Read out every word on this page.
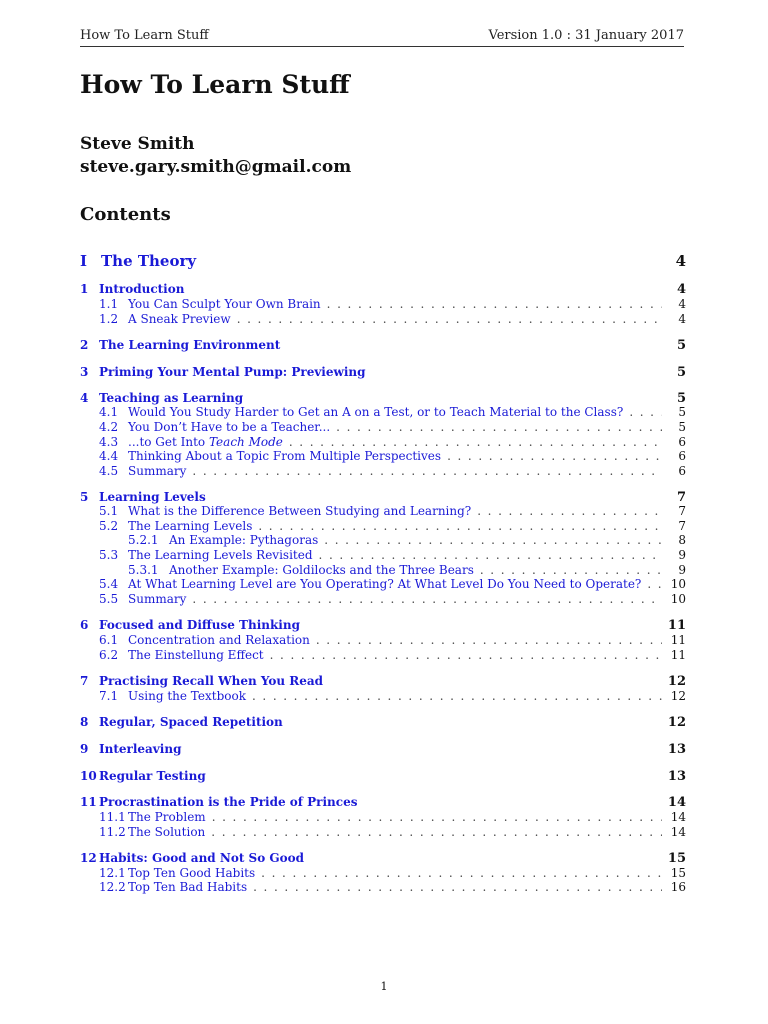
How To Learn Stuff	Version 1.0 : 31 January 2017
How To Learn Stuff
Steve Smith
steve.gary.smith@gmail.com
Contents
I The Theory	4
1 Introduction	4
1.1 You Can Sculpt Your Own Brain . . .	4
1.2 A Sneak Preview . . .	4
2 The Learning Environment	5
3 Priming Your Mental Pump: Previewing	5
4 Teaching as Learning	5
4.1 Would You Study Harder to Get an A on a Test, or to Teach Material to the Class? . . .	5
4.2 You Don’t Have to be a Teacher... . . .	5
4.3 ...to Get Into Teach Mode . . .	6
4.4 Thinking About a Topic From Multiple Perspectives . . .	6
4.5 Summary . . .	6
5 Learning Levels	7
5.1 What is the Difference Between Studying and Learning? . . .	7
5.2 The Learning Levels . . .	7
5.2.1 An Example: Pythagoras . . .	8
5.3 The Learning Levels Revisited . . .	9
5.3.1 Another Example: Goldilocks and the Three Bears . . .	9
5.4 At What Learning Level are You Operating? At What Level Do You Need to Operate? . . .	10
5.5 Summary . . .	10
6 Focused and Diffuse Thinking	11
6.1 Concentration and Relaxation . . .	11
6.2 The Einstellung Effect . . .	11
7 Practising Recall When You Read	12
7.1 Using the Textbook . . .	12
8 Regular, Spaced Repetition	12
9 Interleaving	13
10 Regular Testing	13
11 Procrastination is the Pride of Princes	14
11.1 The Problem . . .	14
11.2 The Solution . . .	14
12 Habits: Good and Not So Good	15
12.1 Top Ten Good Habits . . .	15
12.2 Top Ten Bad Habits . . .	16
1
